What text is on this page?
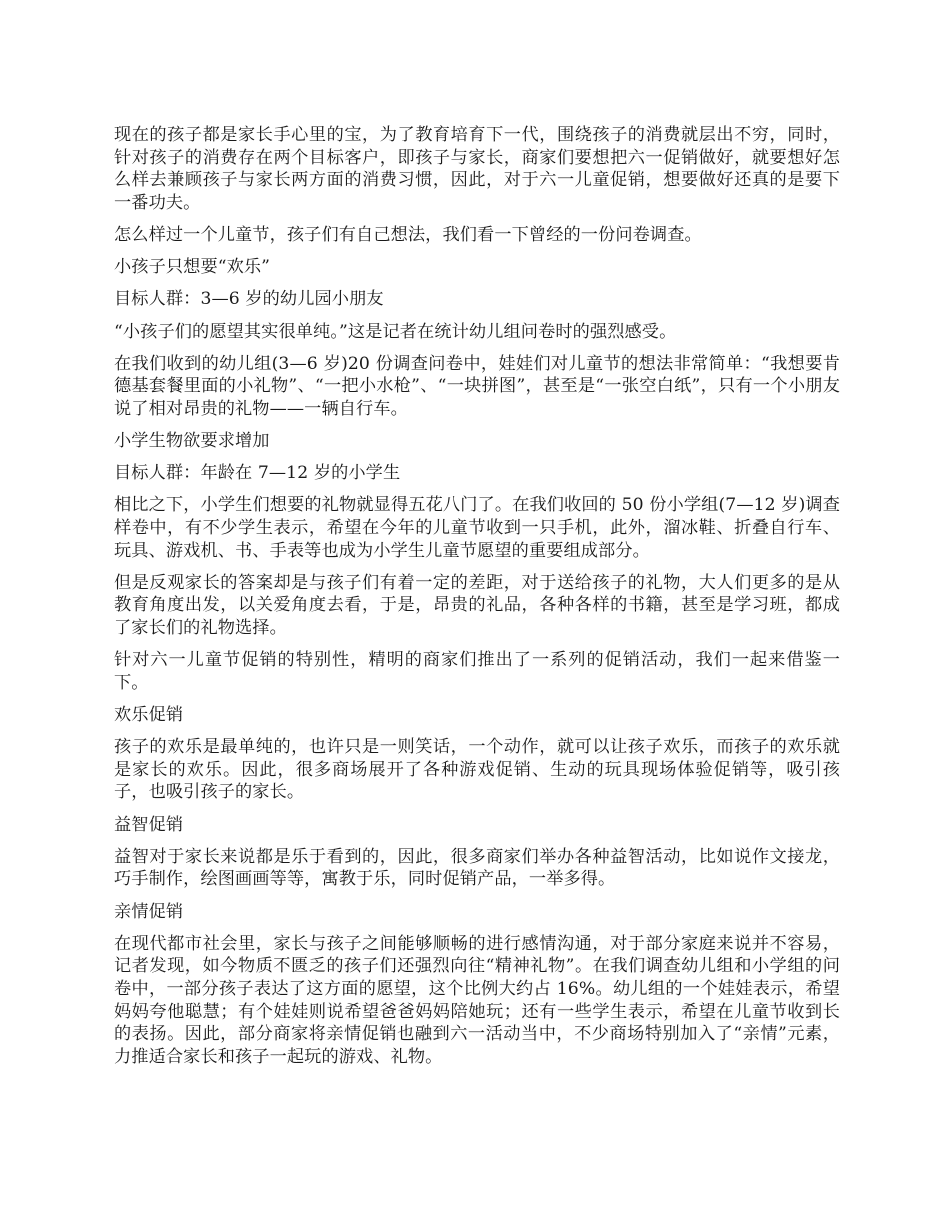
现在的孩子都是家长手心里的宝，为了教育培育下一代，围绕孩子的消费就层出不穷，同时，针对孩子的消费存在两个目标客户，即孩子与家长，商家们要想把六一促销做好，就要想好怎么样去兼顾孩子与家长两方面的消费习惯，因此，对于六一儿童促销，想要做好还真的是要下一番功夫。

怎么样过一个儿童节，孩子们有自己想法，我们看一下曾经的一份问卷调查。

小孩子只想要“欢乐”

目标人群：3—6 岁的幼儿园小朋友

“小孩子们的愿望其实很单纯。”这是记者在统计幼儿组问卷时的强烈感受。

在我们收到的幼儿组(3—6 岁)20 份调查问卷中，娃娃们对儿童节的想法非常简单：“我想要肯德基套餐里面的小礼物”、“一把小水枪”、“一块拼图”，甚至是“一张空白纸”，只有一个小朋友说了相对昂贵的礼物——一辆自行车。

小学生物欲要求增加

目标人群：年龄在 7—12 岁的小学生

相比之下，小学生们想要的礼物就显得五花八门了。在我们收回的 50 份小学组(7—12 岁)调查样卷中，有不少学生表示，希望在今年的儿童节收到一只手机，此外，溜冰鞋、折叠自行车、玩具、游戏机、书、手表等也成为小学生儿童节愿望的重要组成部分。

但是反观家长的答案却是与孩子们有着一定的差距，对于送给孩子的礼物，大人们更多的是从教育角度出发，以关爱角度去看，于是，昂贵的礼品，各种各样的书籍，甚至是学习班，都成了家长们的礼物选择。

针对六一儿童节促销的特别性，精明的商家们推出了一系列的促销活动，我们一起来借鉴一下。

欢乐促销

孩子的欢乐是最单纯的，也许只是一则笑话，一个动作，就可以让孩子欢乐，而孩子的欢乐就是家长的欢乐。因此，很多商场展开了各种游戏促销、生动的玩具现场体验促销等，吸引孩子，也吸引孩子的家长。

益智促销

益智对于家长来说都是乐于看到的，因此，很多商家们举办各种益智活动，比如说作文接龙，巧手制作，绘图画画等等，寓教于乐，同时促销产品，一举多得。

亲情促销

在现代都市社会里，家长与孩子之间能够顺畅的进行感情沟通，对于部分家庭来说并不容易，记者发现，如今物质不匮乏的孩子们还强烈向往“精神礼物”。在我们调查幼儿组和小学组的问卷中，一部分孩子表达了这方面的愿望，这个比例大约占 16%。幼儿组的一个娃娃表示，希望妈妈夸他聪慧；有个娃娃则说希望爸爸妈妈陪她玩；还有一些学生表示，希望在儿童节收到长的表扬。因此，部分商家将亲情促销也融到六一活动当中，不少商场特别加入了“亲情”元素，力推适合家长和孩子一起玩的游戏、礼物。
